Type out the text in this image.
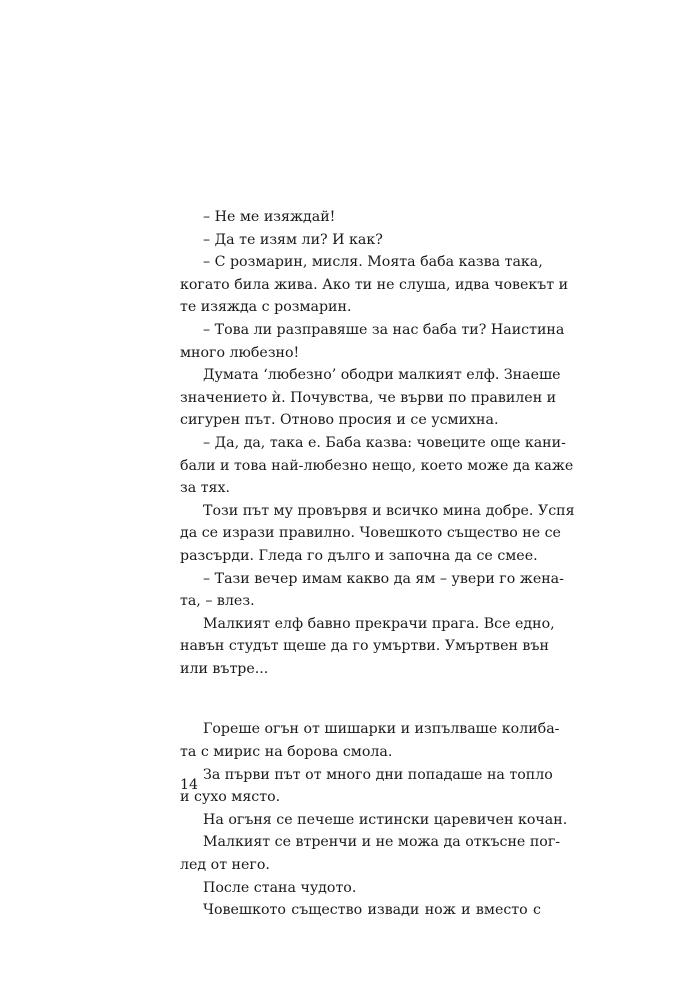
– Не ме изяждай!
– Да те изям ли? И как?
– С розмарин, мисля. Моята баба казва така,
когато била жива. Ако ти не слуша, идва човекът и
те изяжда с розмарин.
– Това ли разправяше за нас баба ти? Наистина
много любезно!
Думата ‘любезно’ ободри малкият елф. Знаеше
значението ѝ. Почувства, че върви по правилен и
сигурен път. Отново просия и се усмихна.
– Да, да, така е. Баба казва: човеците още кани-
бали и това най-любезно нещо, което може да каже
за тях.
Този път му провървя и всичко мина добре. Успя
да се изрази правилно. Човешкото същество не се
разсърди. Гледа го дълго и започна да се смее.
– Тази вечер имам какво да ям – увери го жена-
та, – влез.
Малкият елф бавно прекрачи прага. Все едно,
навън студът щеше да го умъртви. Умъртвен вън
или вътре...
Гореше огън от шишарки и изпълваше колиба-
та с мирис на борова смола.
За първи път от много дни попадаше на топло
и сухо място.
На огъня се печеше истински царевичен кочан.
Малкият се втренчи и не можа да откъсне пог-
лед от него.
После стана чудото.
Човешкото същество извади нож и вместо с
14
